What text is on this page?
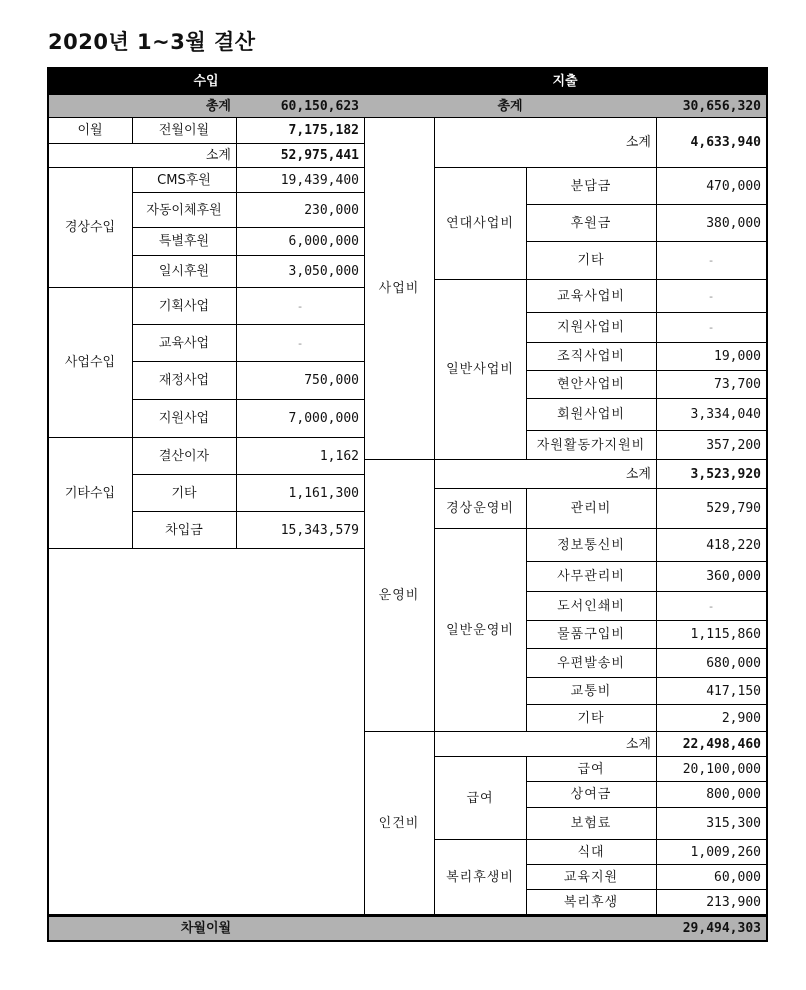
2020년 1~3월 결산
수입	지출
총계	60,150,623	총계	30,656,320
이월	전월이월	7,175,182
소계	52,975,441
경상수입
CMS후원	19,439,400
자동이체후원	230,000
특별후원	6,000,000
일시후원	3,050,000
사업수입
기획사업	-
교육사업	-
재정사업	750,000
지원사업	7,000,000
기타수입
결산이자	1,162
기타	1,161,300
차입금	15,343,579
사업비
소계	4,633,940
연대사업비
분담금	470,000
후원금	380,000
기타	-
일반사업비
교육사업비	-
지원사업비	-
조직사업비	19,000
현안사업비	73,700
회원사업비	3,334,040
자원활동가지원비	357,200
운영비
소계	3,523,920
경상운영비	관리비	529,790
일반운영비
정보통신비	418,220
사무관리비	360,000
도서인쇄비	-
물품구입비	1,115,860
우편발송비	680,000
교통비	417,150
기타	2,900
인건비
소계	22,498,460
급여
급여	20,100,000
상여금	800,000
보험료	315,300
복리후생비
식대	1,009,260
교육지원	60,000
복리후생	213,900
차월이월	29,494,303
